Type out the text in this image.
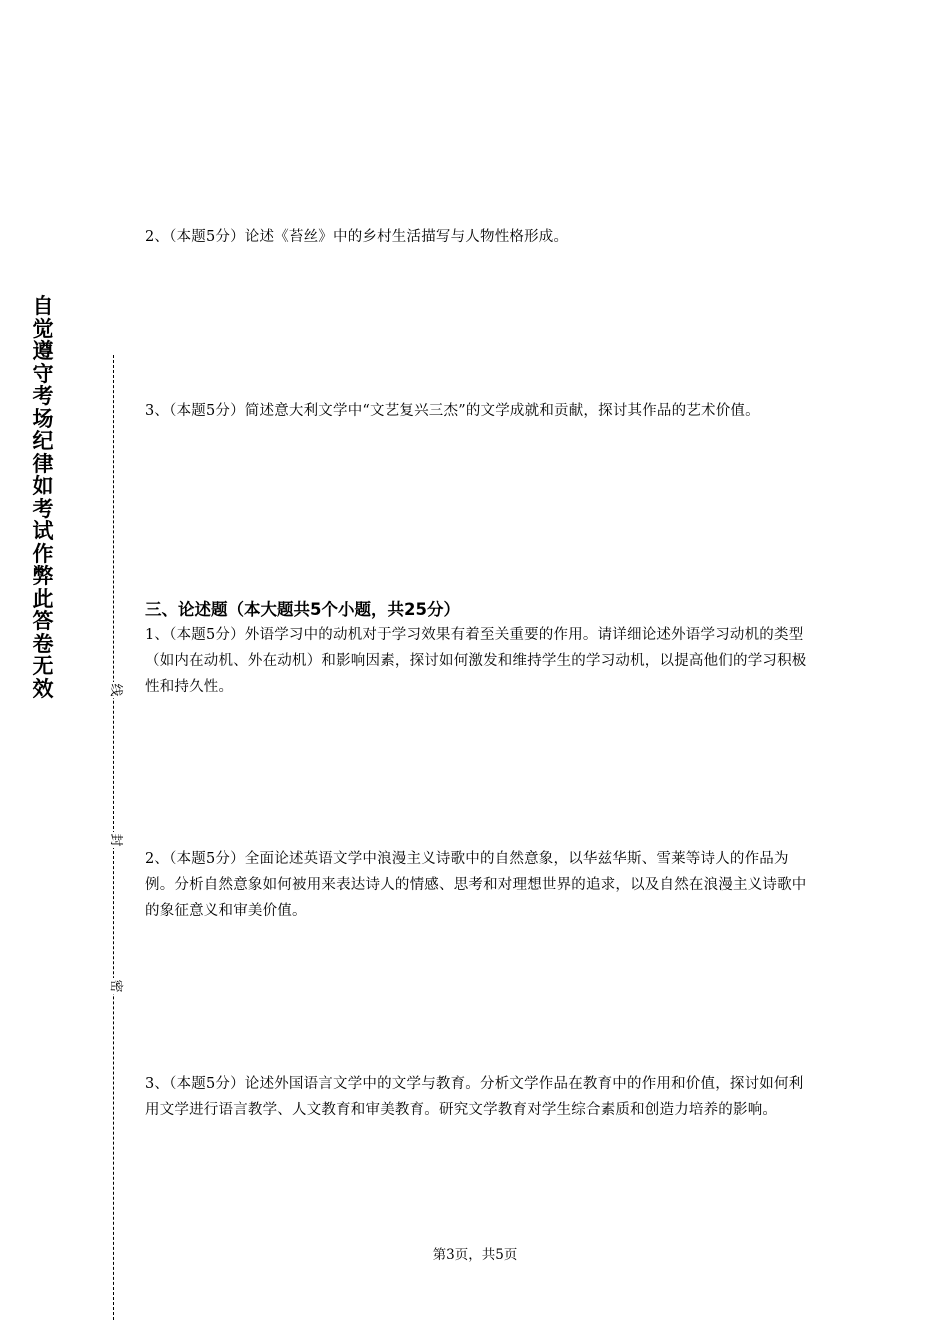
自觉遵守考场纪律如考试作弊此答卷无效	线
封
密
2、（本题5分）论述《苔丝》中的乡村生活描写与人物性格形成。
3、（本题5分）简述意大利文学中“文艺复兴三杰”的文学成就和贡献，探讨其作品的艺术价值。
三、论述题（本大题共5个小题，共25分）
1、（本题5分）外语学习中的动机对于学习效果有着至关重要的作用。请详细论述外语学习动机的类型（如内在动机、外在动机）和影响因素，探讨如何激发和维持学生的学习动机，以提高他们的学习积极性和持久性。
2、（本题5分）全面论述英语文学中浪漫主义诗歌中的自然意象，以华兹华斯、雪莱等诗人的作品为例。分析自然意象如何被用来表达诗人的情感、思考和对理想世界的追求，以及自然在浪漫主义诗歌中的象征意义和审美价值。
3、（本题5分）论述外国语言文学中的文学与教育。分析文学作品在教育中的作用和价值，探讨如何利用文学进行语言教学、人文教育和审美教育。研究文学教育对学生综合素质和创造力培养的影响。
第3页，共5页
